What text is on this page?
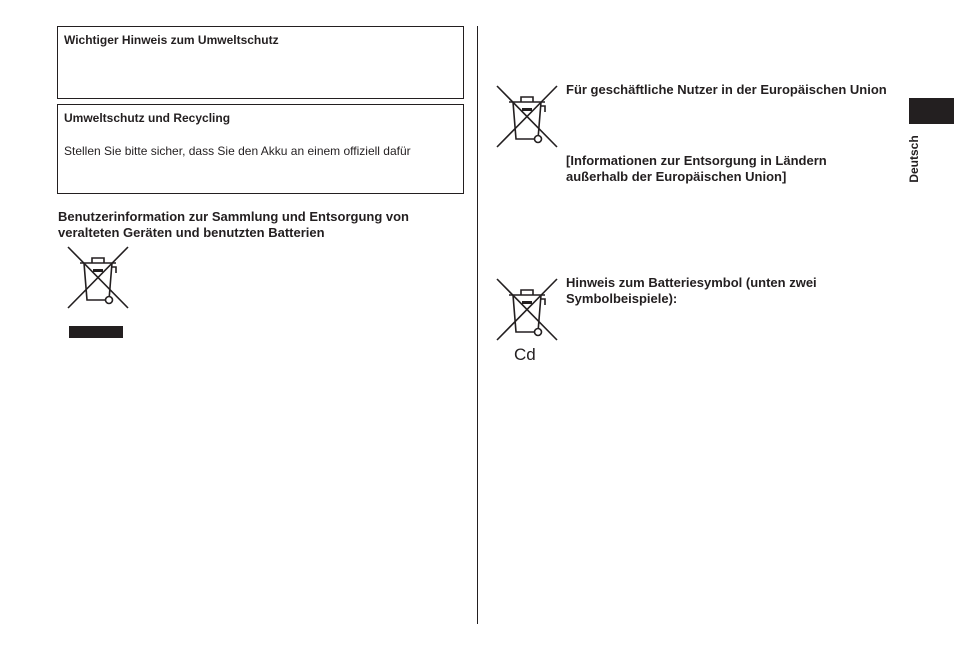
Wichtiger Hinweis zum Umweltschutz
Umweltschutz und Recycling
Stellen Sie bitte sicher, dass Sie den Akku an einem offiziell dafür
Benutzerinformation zur Sammlung und Entsorgung von
veralteten Geräten und benutzten Batterien
Für geschäftliche Nutzer in der Europäischen Union
[Informationen zur Entsorgung in Ländern
außerhalb der Europäischen Union]
Cd
Hinweis zum Batteriesymbol (unten zwei
Symbolbeispiele):
Deutsch
